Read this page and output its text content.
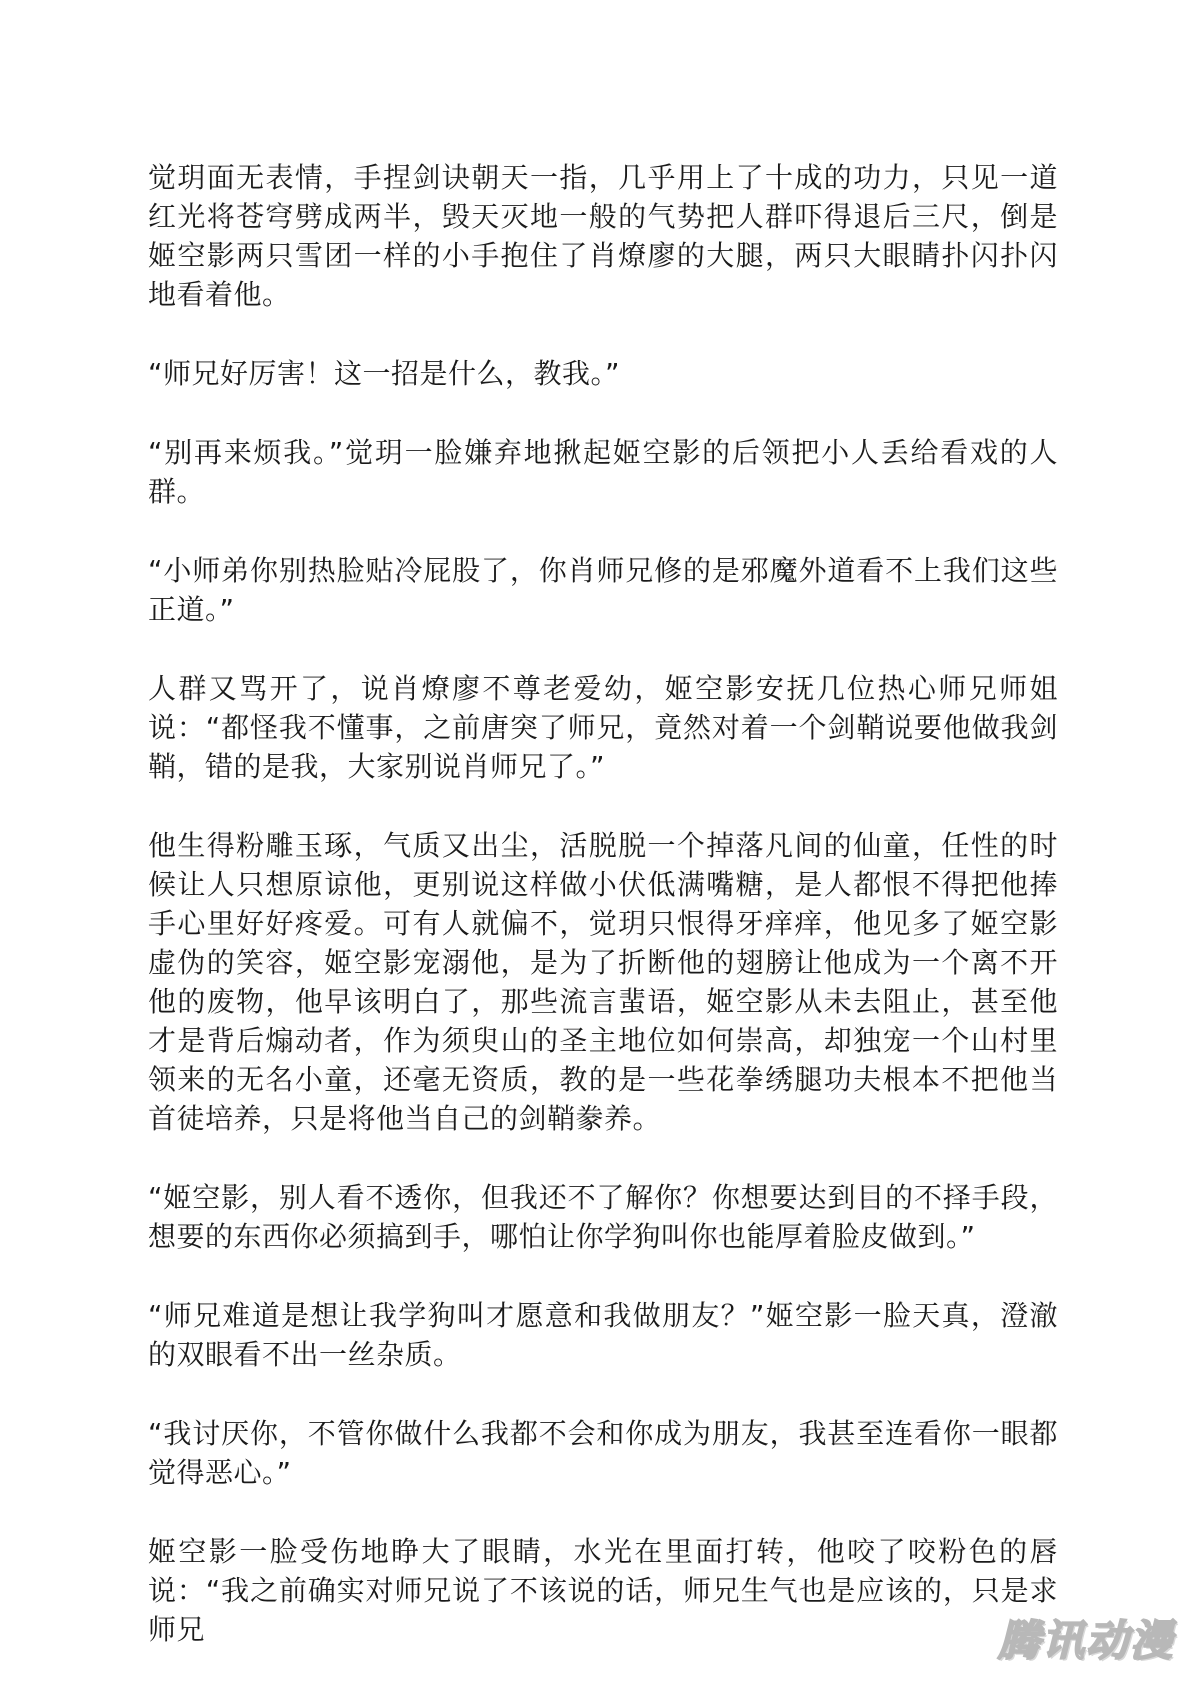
觉玥面无表情，手捏剑诀朝天一指，几乎用上了十成的功力，只见一道红光将苍穹劈成两半，毁天灭地一般的气势把人群吓得退后三尺，倒是姬空影两只雪团一样的小手抱住了肖燎廖的大腿，两只大眼睛扑闪扑闪地看着他。

“师兄好厉害！这一招是什么，教我。”

“别再来烦我。”觉玥一脸嫌弃地揪起姬空影的后领把小人丢给看戏的人群。

“小师弟你别热脸贴冷屁股了，你肖师兄修的是邪魔外道看不上我们这些正道。”

人群又骂开了，说肖燎廖不尊老爱幼，姬空影安抚几位热心师兄师姐说：“都怪我不懂事，之前唐突了师兄，竟然对着一个剑鞘说要他做我剑鞘，错的是我，大家别说肖师兄了。”

他生得粉雕玉琢，气质又出尘，活脱脱一个掉落凡间的仙童，任性的时候让人只想原谅他，更别说这样做小伏低满嘴糖，是人都恨不得把他捧手心里好好疼爱。可有人就偏不，觉玥只恨得牙痒痒，他见多了姬空影虚伪的笑容，姬空影宠溺他，是为了折断他的翅膀让他成为一个离不开他的废物，他早该明白了，那些流言蜚语，姬空影从未去阻止，甚至他才是背后煽动者，作为须臾山的圣主地位如何崇高，却独宠一个山村里领来的无名小童，还毫无资质，教的是一些花拳绣腿功夫根本不把他当首徒培养，只是将他当自己的剑鞘豢养。

“姬空影，别人看不透你，但我还不了解你？你想要达到目的不择手段，想要的东西你必须搞到手，哪怕让你学狗叫你也能厚着脸皮做到。”

“师兄难道是想让我学狗叫才愿意和我做朋友？”姬空影一脸天真，澄澈的双眼看不出一丝杂质。

“我讨厌你，不管你做什么我都不会和你成为朋友，我甚至连看你一眼都觉得恶心。”

姬空影一脸受伤地睁大了眼睛，水光在里面打转，他咬了咬粉色的唇说：“我之前确实对师兄说了不该说的话，师兄生气也是应该的，只是求师兄	腾讯动漫
